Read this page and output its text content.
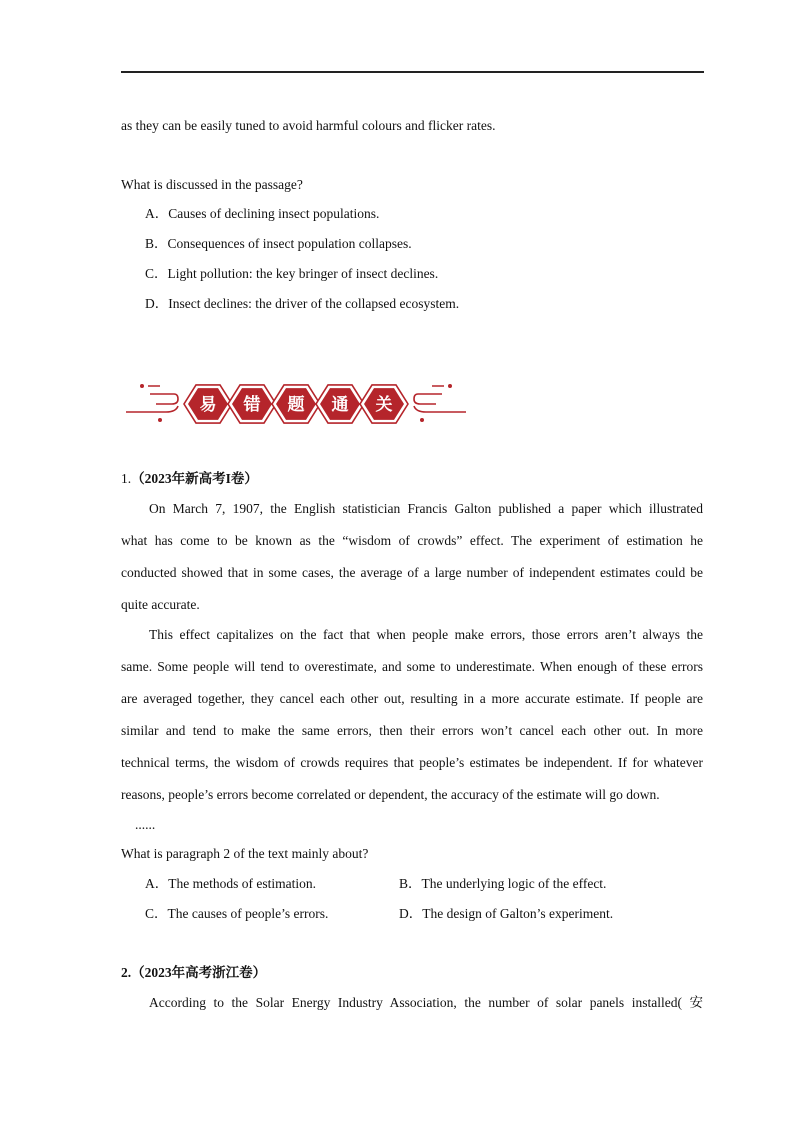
as they can be easily tuned to avoid harmful colours and flicker rates.
What is discussed in the passage?
A．Causes of declining insect populations.
B．Consequences of insect population collapses.
C．Light pollution: the key bringer of insect declines.
D．Insect declines: the driver of the collapsed ecosystem.
易 错 题 通 关
1.（2023年新高考I卷）
On March 7, 1907, the English statistician Francis Galton published a paper which illustrated
what has come to be known as the “wisdom of crowds” effect. The experiment of estimation he
conducted showed that in some cases, the average of a large number of independent estimates could be
quite accurate.
This effect capitalizes on the fact that when people make errors, those errors aren’t always the
same. Some people will tend to overestimate, and some to underestimate. When enough of these errors
are averaged together, they cancel each other out, resulting in a more accurate estimate. If people are
similar and tend to make the same errors, then their errors won’t cancel each other out. In more
technical terms, the wisdom of crowds requires that people’s estimates be independent. If for whatever
reasons, people’s errors become correlated or dependent, the accuracy of the estimate will go down.
......
What is paragraph 2 of the text mainly about?
A．The methods of estimation.	B．The underlying logic of the effect.
C．The causes of people’s errors.	D．The design of Galton’s experiment.
2.（2023年高考浙江卷）
According to the Solar Energy Industry Association, the number of solar panels installed( 安
